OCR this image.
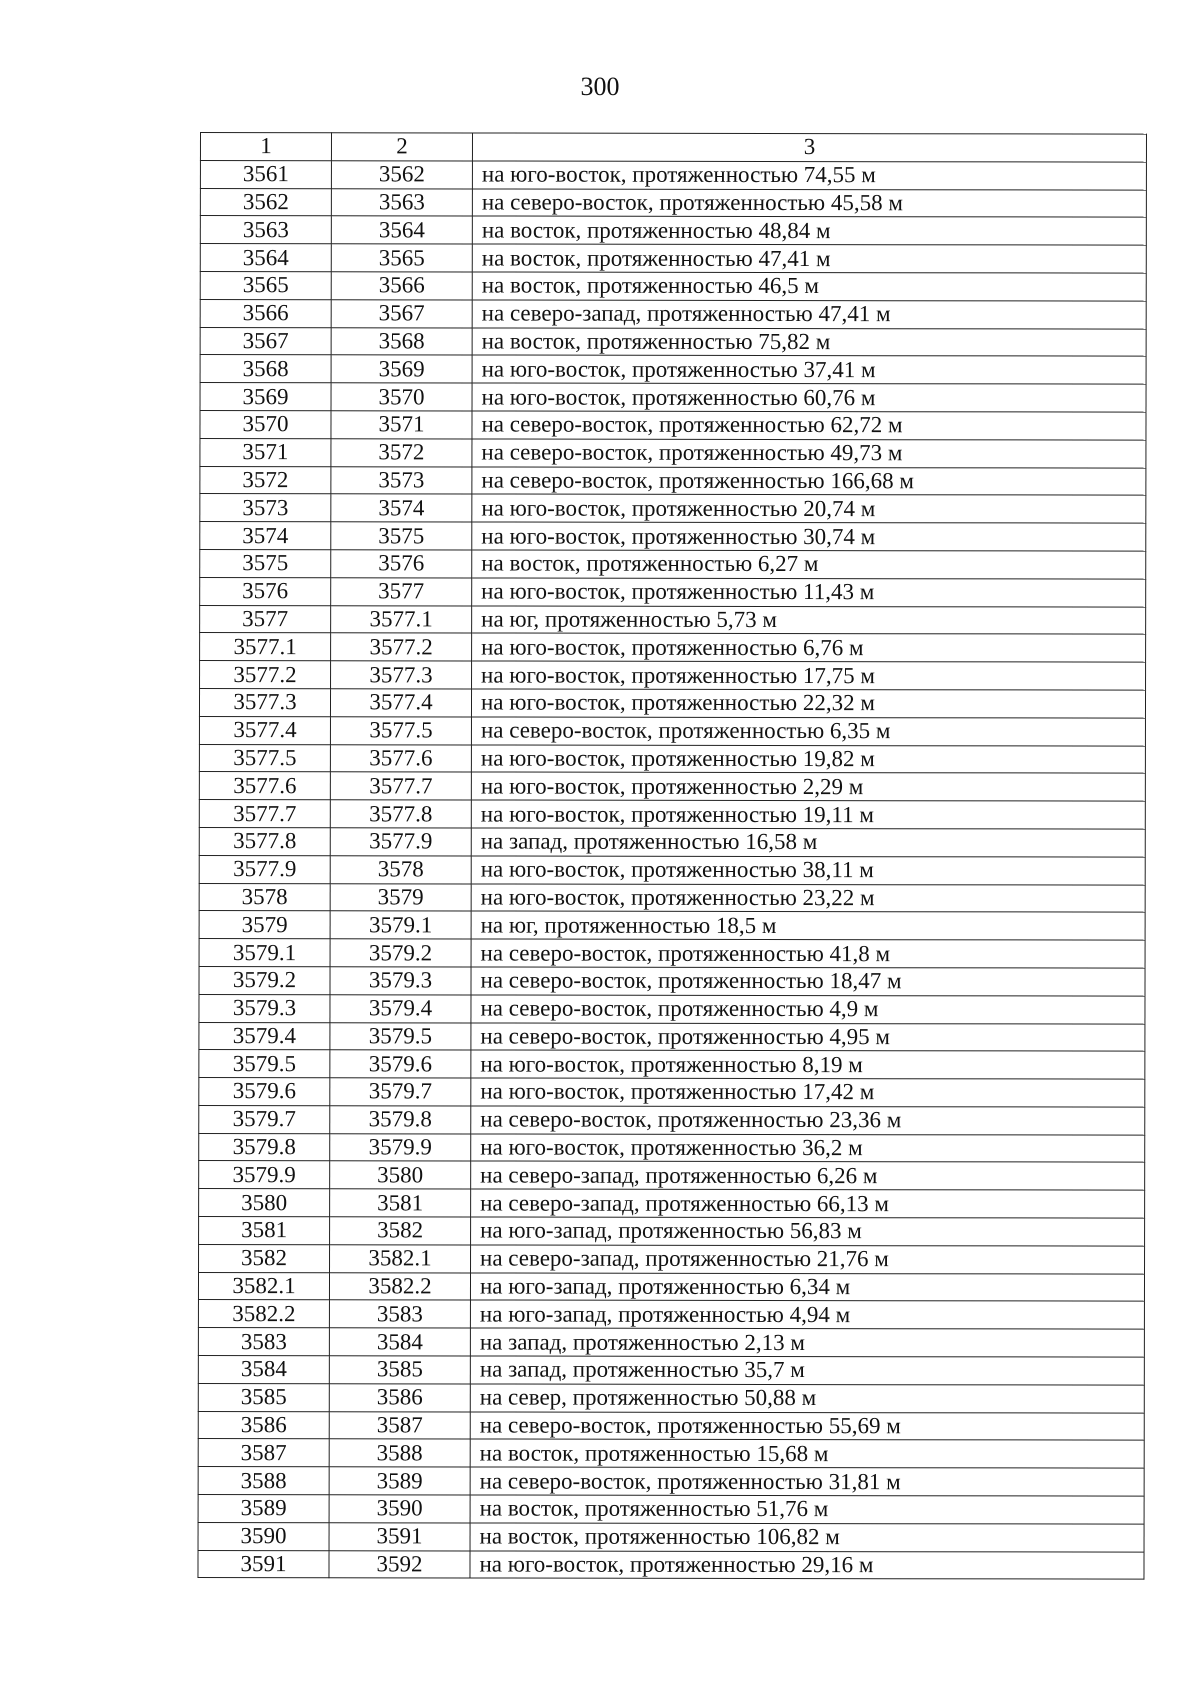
300
1	2	3
3561	3562	на юго-восток, протяженностью 74,55 м
3562	3563	на северо-восток, протяженностью 45,58 м
3563	3564	на восток, протяженностью 48,84 м
3564	3565	на восток, протяженностью 47,41 м
3565	3566	на восток, протяженностью 46,5 м
3566	3567	на северо-запад, протяженностью 47,41 м
3567	3568	на восток, протяженностью 75,82 м
3568	3569	на юго-восток, протяженностью 37,41 м
3569	3570	на юго-восток, протяженностью 60,76 м
3570	3571	на северо-восток, протяженностью 62,72 м
3571	3572	на северо-восток, протяженностью 49,73 м
3572	3573	на северо-восток, протяженностью 166,68 м
3573	3574	на юго-восток, протяженностью 20,74 м
3574	3575	на юго-восток, протяженностью 30,74 м
3575	3576	на восток, протяженностью 6,27 м
3576	3577	на юго-восток, протяженностью 11,43 м
3577	3577.1	на юг, протяженностью 5,73 м
3577.1	3577.2	на юго-восток, протяженностью 6,76 м
3577.2	3577.3	на юго-восток, протяженностью 17,75 м
3577.3	3577.4	на юго-восток, протяженностью 22,32 м
3577.4	3577.5	на северо-восток, протяженностью 6,35 м
3577.5	3577.6	на юго-восток, протяженностью 19,82 м
3577.6	3577.7	на юго-восток, протяженностью 2,29 м
3577.7	3577.8	на юго-восток, протяженностью 19,11 м
3577.8	3577.9	на запад, протяженностью 16,58 м
3577.9	3578	на юго-восток, протяженностью 38,11 м
3578	3579	на юго-восток, протяженностью 23,22 м
3579	3579.1	на юг, протяженностью 18,5 м
3579.1	3579.2	на северо-восток, протяженностью 41,8 м
3579.2	3579.3	на северо-восток, протяженностью 18,47 м
3579.3	3579.4	на северо-восток, протяженностью 4,9 м
3579.4	3579.5	на северо-восток, протяженностью 4,95 м
3579.5	3579.6	на юго-восток, протяженностью 8,19 м
3579.6	3579.7	на юго-восток, протяженностью 17,42 м
3579.7	3579.8	на северо-восток, протяженностью 23,36 м
3579.8	3579.9	на юго-восток, протяженностью 36,2 м
3579.9	3580	на северо-запад, протяженностью 6,26 м
3580	3581	на северо-запад, протяженностью 66,13 м
3581	3582	на юго-запад, протяженностью 56,83 м
3582	3582.1	на северо-запад, протяженностью 21,76 м
3582.1	3582.2	на юго-запад, протяженностью 6,34 м
3582.2	3583	на юго-запад, протяженностью 4,94 м
3583	3584	на запад, протяженностью 2,13 м
3584	3585	на запад, протяженностью 35,7 м
3585	3586	на север, протяженностью 50,88 м
3586	3587	на северо-восток, протяженностью 55,69 м
3587	3588	на восток, протяженностью 15,68 м
3588	3589	на северо-восток, протяженностью 31,81 м
3589	3590	на восток, протяженностью 51,76 м
3590	3591	на восток, протяженностью 106,82 м
3591	3592	на юго-восток, протяженностью 29,16 м
